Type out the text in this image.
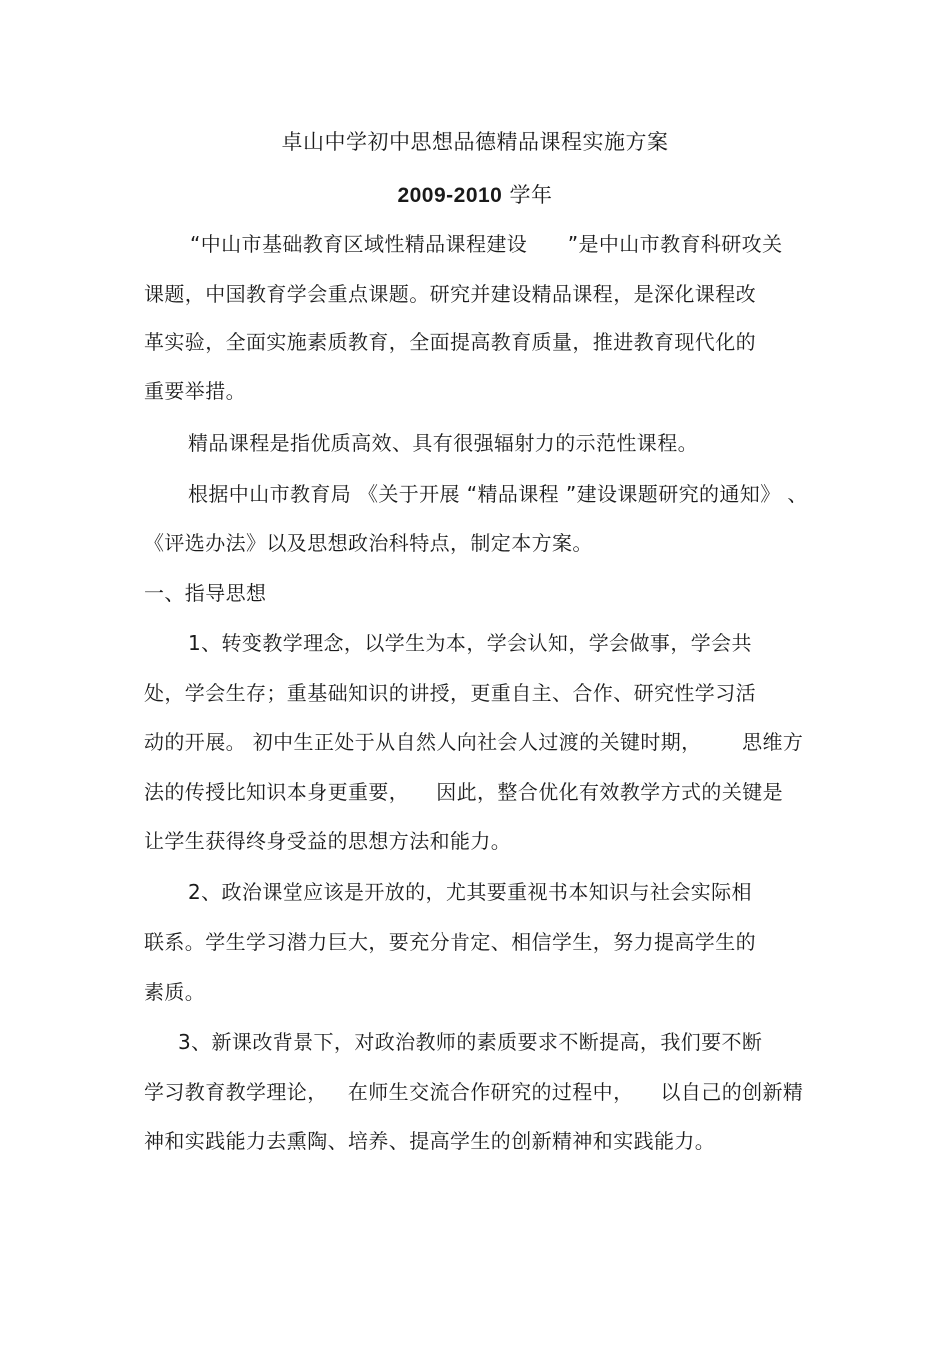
卓山中学初中思想品德精品课程实施方案
2009-2010 学年
“中山市基础教育区域性精品课程建设      ”是中山市教育科研攻关
课题，中国教育学会重点课题。研究并建设精品课程，是深化课程改
革实验，全面实施素质教育，全面提高教育质量，推进教育现代化的
重要举措。
精品课程是指优质高效、具有很强辐射力的示范性课程。
根据中山市教育局 《关于开展 “精品课程 ”建设课题研究的通知》 、
《评选办法》以及思想政治科特点，制定本方案。
一、指导思想
1、转变教学理念，以学生为本，学会认知，学会做事，学会共
处，学会生存；重基础知识的讲授，更重自主、合作、研究性学习活
动的开展。 初中生正处于从自然人向社会人过渡的关键时期，      思维方
法的传授比知识本身更重要，    因此，整合优化有效教学方式的关键是
让学生获得终身受益的思想方法和能力。
2、政治课堂应该是开放的，尤其要重视书本知识与社会实际相
联系。学生学习潜力巨大，要充分肯定、相信学生，努力提高学生的
素质。
3、新课改背景下，对政治教师的素质要求不断提高，我们要不断
学习教育教学理论，   在师生交流合作研究的过程中，    以自己的创新精
神和实践能力去熏陶、培养、提高学生的创新精神和实践能力。
